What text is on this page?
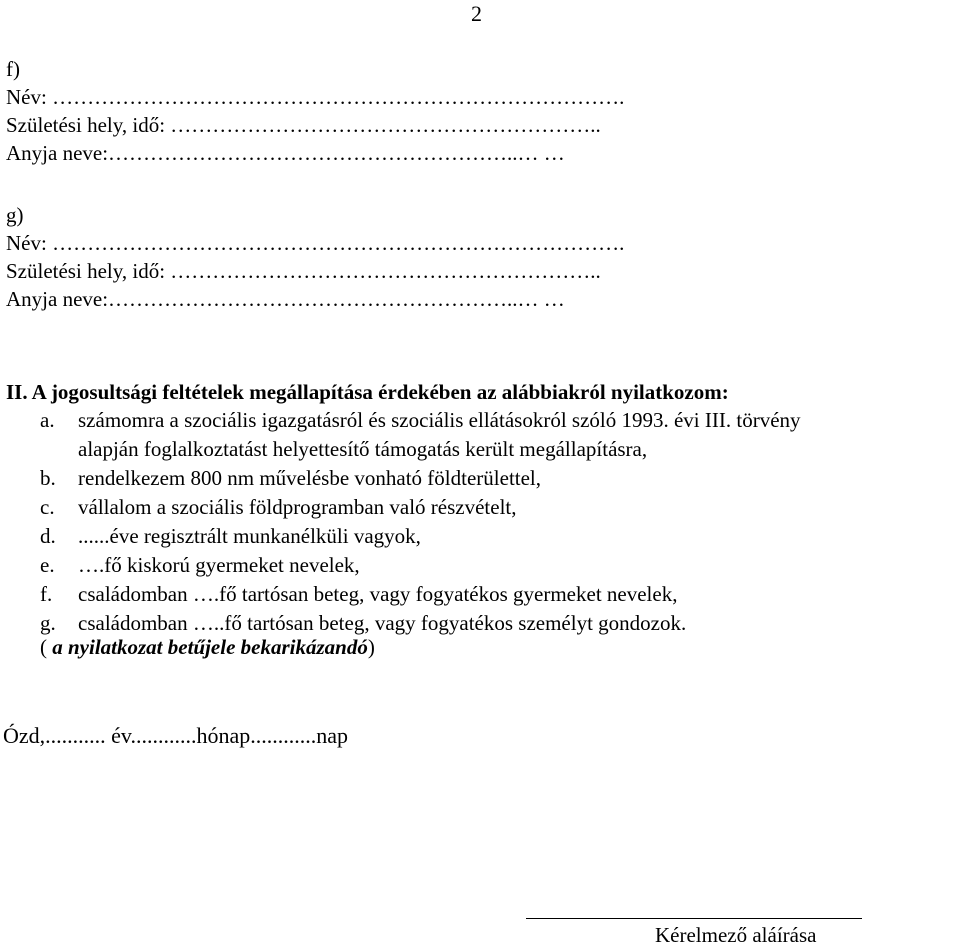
2
f)
Név: ……………………………………………………………………….
Születési hely, idő: ……………………………………………………..
Anyja neve:…………………………………………………..… …
g)
Név: ……………………………………………………………………….
Születési hely, idő: ……………………………………………………..
Anyja neve:…………………………………………………..… …
II. A jogosultsági feltételek megállapítása érdekében az alábbiakról nyilatkozom:
a. számomra a szociális igazgatásról és szociális ellátásokról szóló 1993. évi III. törvény
alapján foglalkoztatást helyettesítő támogatás került megállapításra,
b. rendelkezem 800 nm művelésbe vonható földterülettel,
c. vállalom a szociális földprogramban való részvételt,
d. ......éve regisztrált munkanélküli vagyok,
e. ….fő kiskorú gyermeket nevelek,
f. családomban ….fő tartósan beteg, vagy fogyatékos gyermeket nevelek,
g. családomban …..fő tartósan beteg, vagy fogyatékos személyt gondozok.
( a nyilatkozat betűjele bekarikázandó)
Ózd,........... év............hónap............nap
Kérelmező aláírása
